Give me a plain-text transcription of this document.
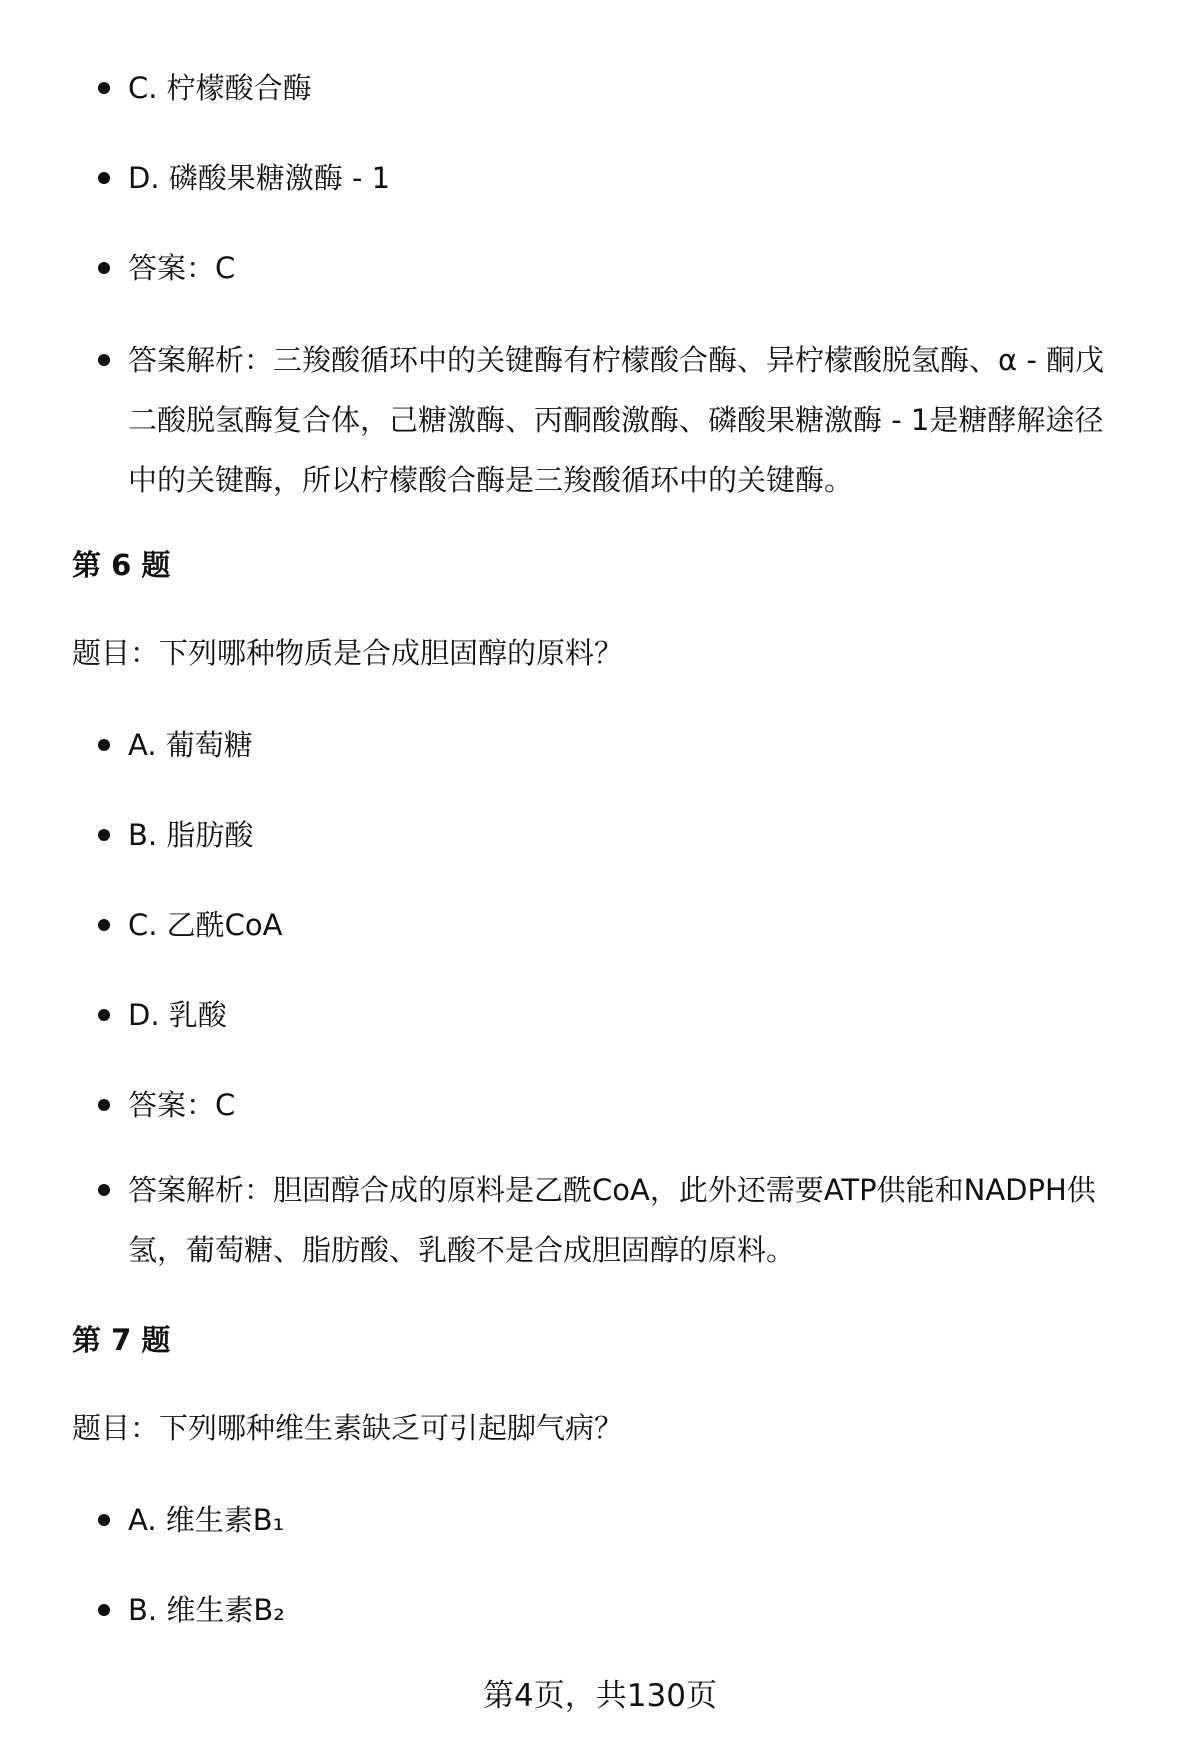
C. 柠檬酸合酶
D. 磷酸果糖激酶 - 1
答案：C
答案解析：三羧酸循环中的关键酶有柠檬酸合酶、异柠檬酸脱氢酶、α - 酮戊二酸脱氢酶复合体，己糖激酶、丙酮酸激酶、磷酸果糖激酶 - 1是糖酵解途径中的关键酶，所以柠檬酸合酶是三羧酸循环中的关键酶。
第 6 题

题目：下列哪种物质是合成胆固醇的原料？

A. 葡萄糖
B. 脂肪酸
C. 乙酰CoA
D. 乳酸
答案：C
答案解析：胆固醇合成的原料是乙酰CoA，此外还需要ATP供能和NADPH供氢，葡萄糖、脂肪酸、乳酸不是合成胆固醇的原料。
第 7 题

题目：下列哪种维生素缺乏可引起脚气病？

A. 维生素B₁
B. 维生素B₂
第4页，共130页
